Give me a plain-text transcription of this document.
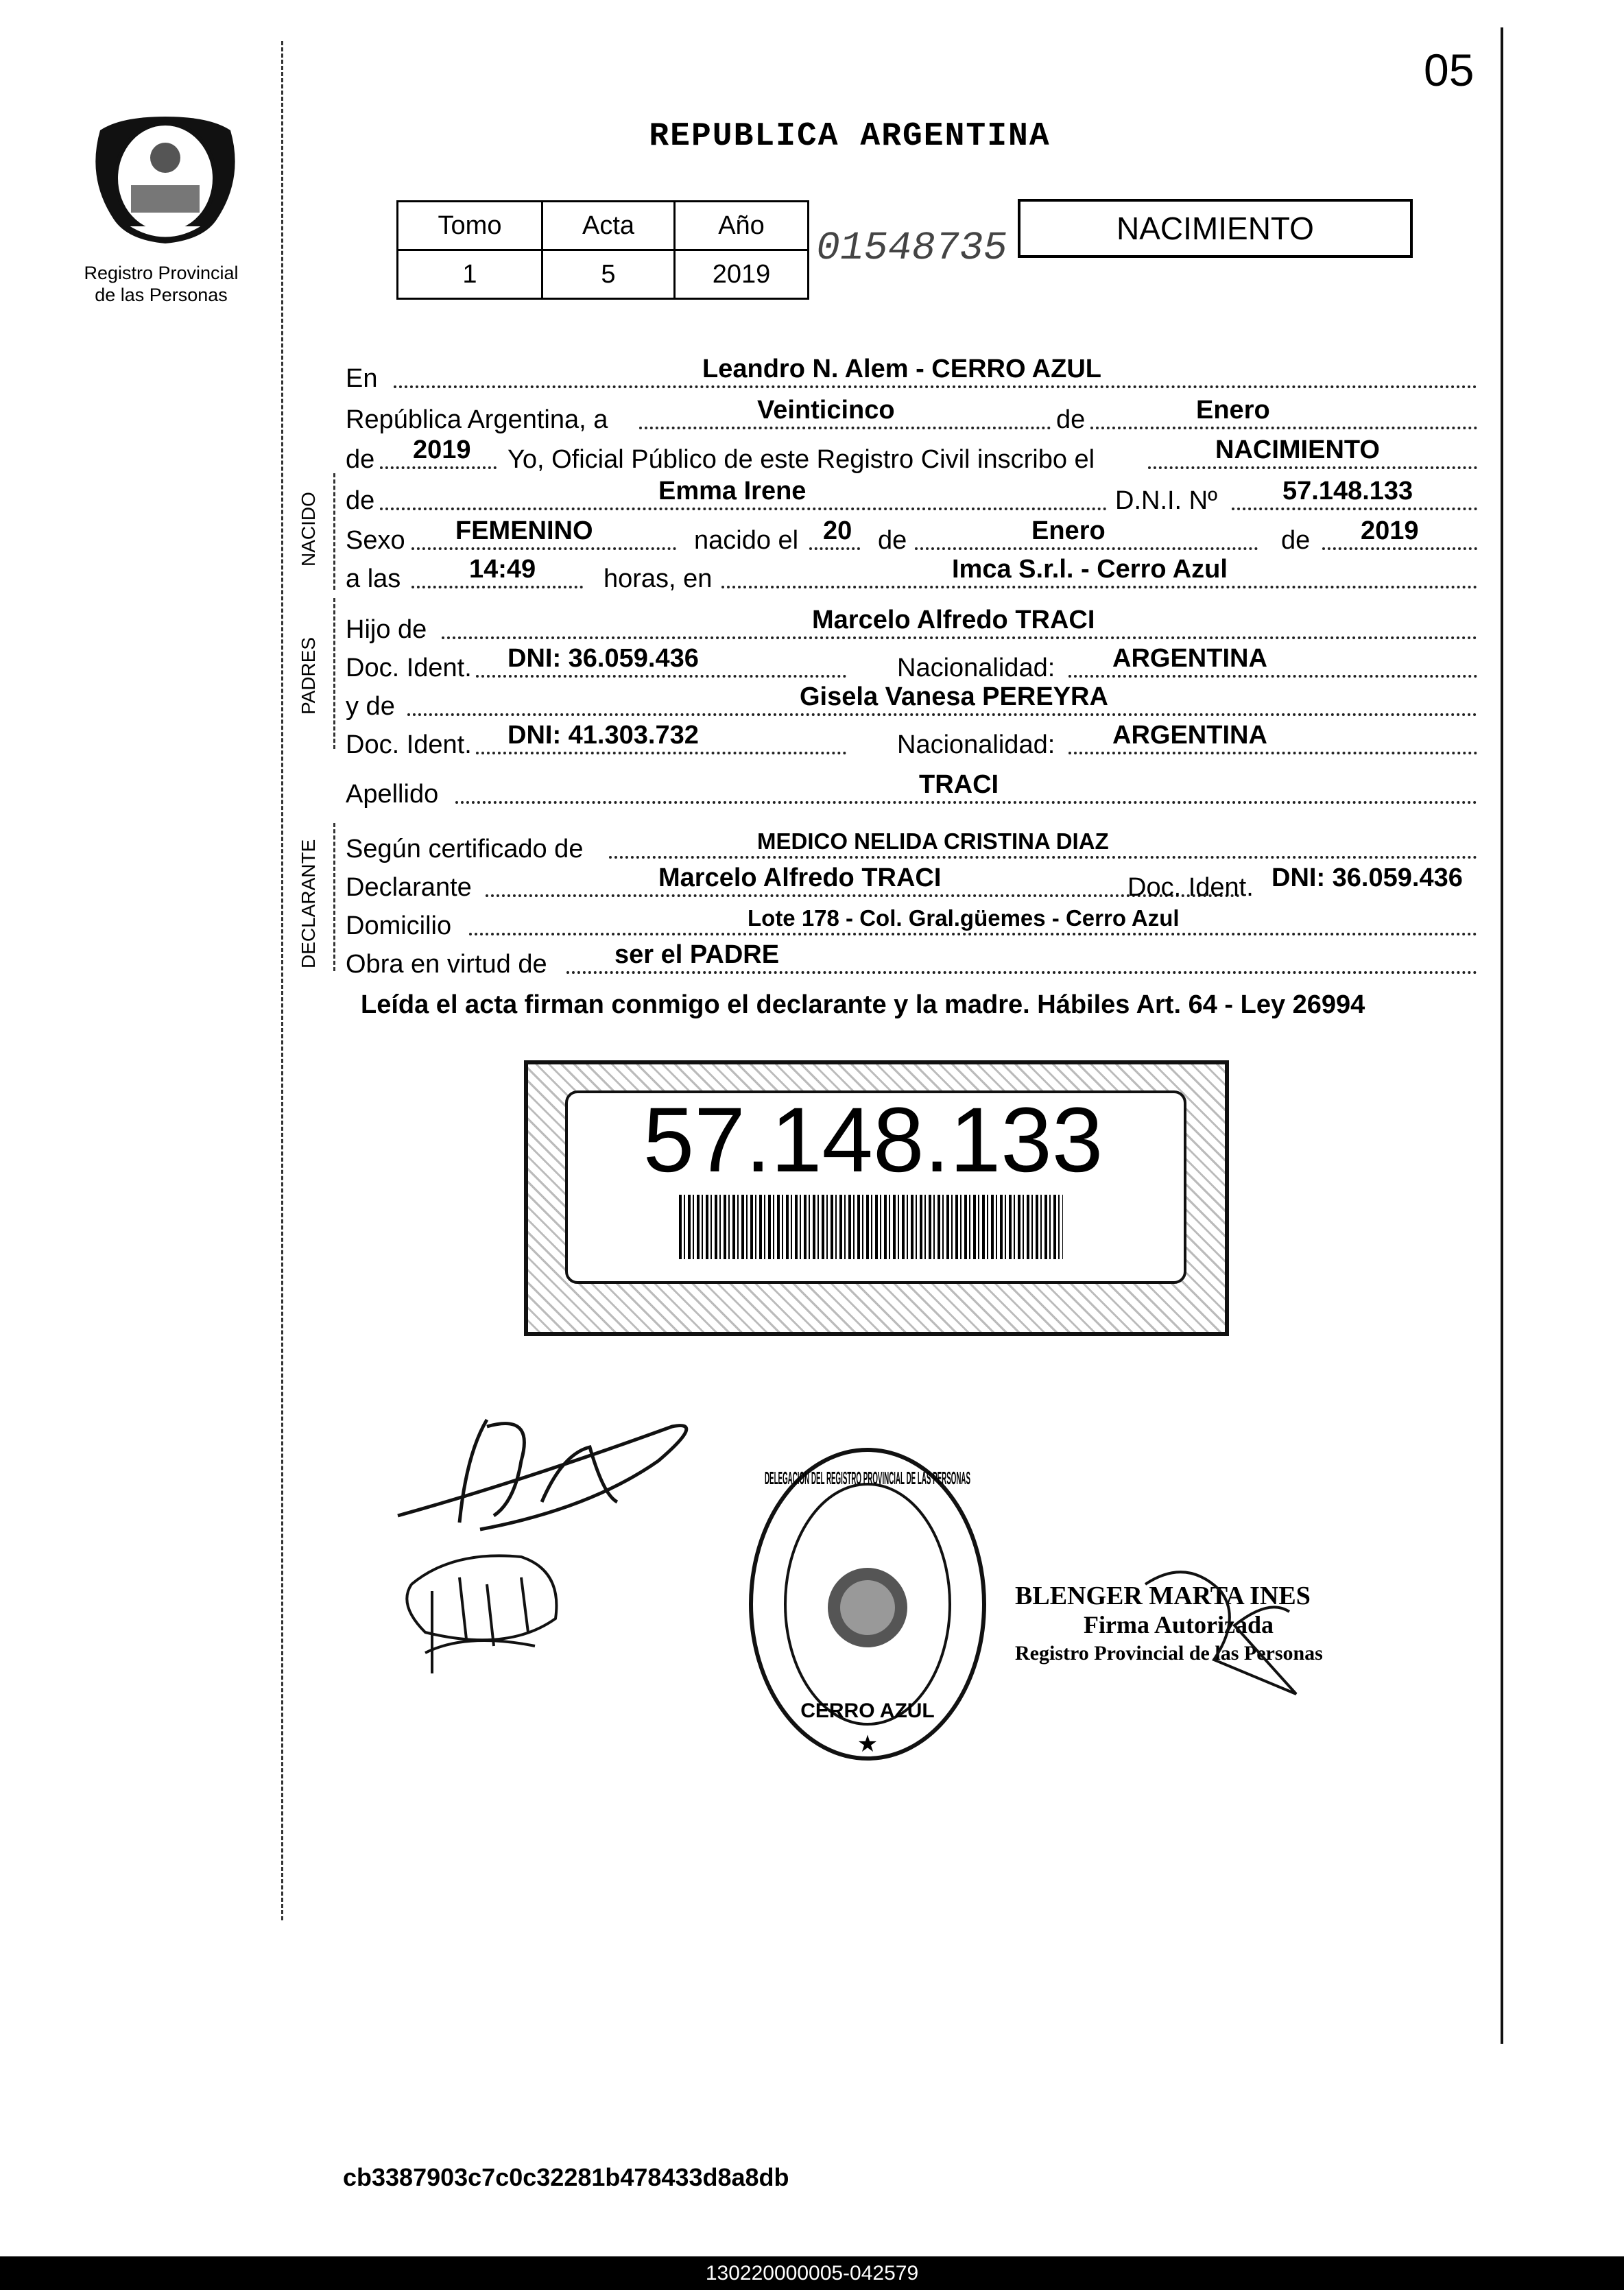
05
Registro Provincial
de las Personas
REPUBLICA ARGENTINA
Tomo	Acta	Año
1	5	2019
01548735	NACIMIENTO
En	Leandro N. Alem - CERRO AZUL
República Argentina, a	Veinticinco	de	Enero
de 2019 Yo, Oficial Público de este Registro Civil inscribo el	NACIMIENTO
NACIDO de	Emma Irene	D.N.I. Nº	57.148.133
Sexo FEMENINO	nacido el 20 de	Enero	de 2019
a las	14:49	horas, en	Imca S.r.l. - Cerro Azul
PADRES
Hijo de	Marcelo Alfredo TRACI
Doc. Ident. DNI: 36.059.436	Nacionalidad: ARGENTINA
y de	Gisela Vanesa PEREYRA
Doc. Ident. DNI: 41.303.732	Nacionalidad: ARGENTINA
Apellido	TRACI
DECLARANTE Según certificado de	MEDICO NELIDA CRISTINA DIAZ
Declarante	Marcelo Alfredo TRACI	Doc. Ident. DNI: 36.059.436
Domicilio	Lote 178 - Col. Gral.güemes - Cerro Azul
Obra en virtud de	ser el PADRE
Leída el acta firman conmigo el declarante y la madre. Hábiles Art. 64 - Ley 26994
57.148.133
DELEGACION DEL REGISTRO PROVINCIAL DE LAS PERSONAS
CERRO AZUL
★
BLENGER MARTA INES
Firma Autorizada
Registro Provincial de las Personas
cb3387903c7c0c32281b478433d8a8db
130220000005-042579
